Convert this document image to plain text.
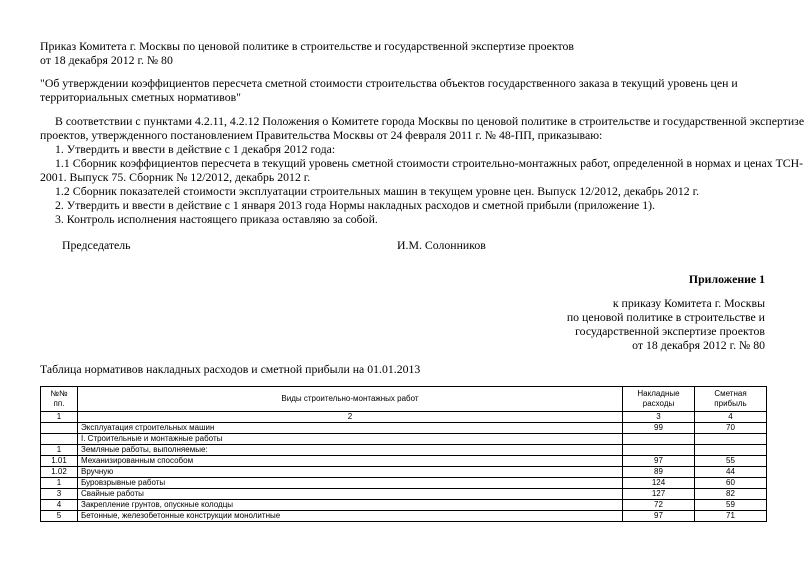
Приказ Комитета г. Москвы по ценовой политике в строительстве и государственной экспертизе проектов
от 18 декабря 2012 г. № 80
"Об утверждении коэффициентов пересчета сметной стоимости строительства объектов государственного заказа в текущий уровень цен и
территориальных сметных нормативов"
В соответствии с пунктами 4.2.11, 4.2.12 Положения о Комитете города Москвы по ценовой политике в строительстве и государственной экспертизе
проектов, утвержденного постановлением Правительства Москвы от 24 февраля 2011 г. № 48-ПП, приказываю:
1. Утвердить и ввести в действие с 1 декабря 2012 года:
1.1 Сборник коэффициентов пересчета в текущий уровень сметной стоимости строительно-монтажных работ, определенной в нормах и ценах ТСН-
2001. Выпуск 75. Сборник № 12/2012, декабрь 2012 г.
1.2 Сборник показателей стоимости эксплуатации строительных машин в текущем уровне цен. Выпуск 12/2012, декабрь 2012 г.
2. Утвердить и ввести в действие с 1 января 2013 года Нормы накладных расходов и сметной прибыли (приложение 1).
3. Контроль исполнения настоящего приказа оставляю за собой.
Председатель	И.М. Солонников
Приложение 1
к приказу Комитета г. Москвы
по ценовой политике в строительстве и
государственной экспертизе проектов
от 18 декабря 2012 г. № 80
Таблица нормативов накладных расходов и сметной прибыли на 01.01.2013
№№ пп.	Виды строительно-монтажных работ	Накладные расходы	Сметная прибыль
1	2	3	4
	Эксплуатация строительных машин	99	70
	I. Строительные и монтажные работы		
1	Земляные работы, выполняемые:		
1.01	Механизированным способом	97	55
1.02	Вручную	89	44
1	Буровзрывные работы	124	60
3	Свайные работы	127	82
4	Закрепление грунтов, опускные колодцы	72	59
5	Бетонные, железобетонные конструкции монолитные	97	71
